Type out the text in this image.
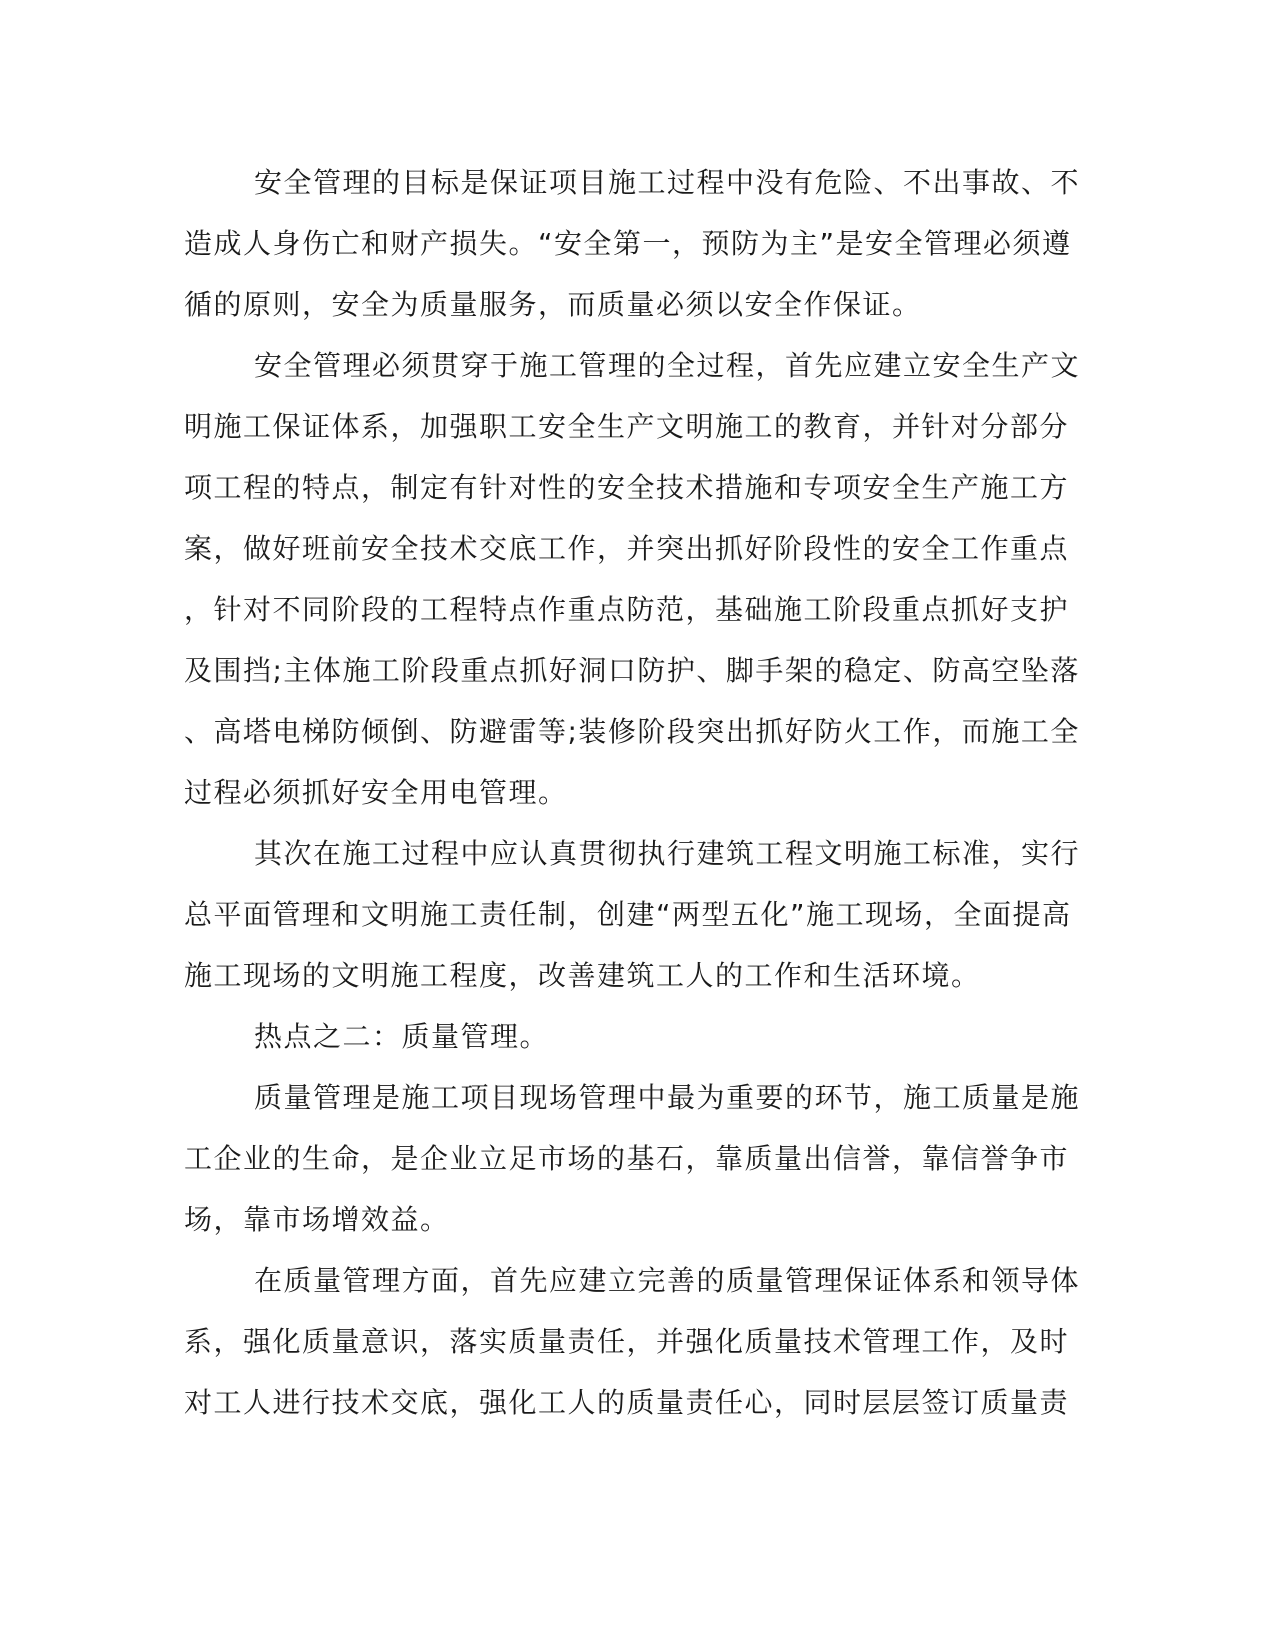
安全管理的目标是保证项目施工过程中没有危险、不出事故、不
造成人身伤亡和财产损失。“安全第一，预防为主”是安全管理必须遵
循的原则，安全为质量服务，而质量必须以安全作保证。
安全管理必须贯穿于施工管理的全过程，首先应建立安全生产文
明施工保证体系，加强职工安全生产文明施工的教育，并针对分部分
项工程的特点，制定有针对性的安全技术措施和专项安全生产施工方
案，做好班前安全技术交底工作，并突出抓好阶段性的安全工作重点
，针对不同阶段的工程特点作重点防范，基础施工阶段重点抓好支护
及围挡;主体施工阶段重点抓好洞口防护、脚手架的稳定、防高空坠落
、高塔电梯防倾倒、防避雷等;装修阶段突出抓好防火工作，而施工全
过程必须抓好安全用电管理。
其次在施工过程中应认真贯彻执行建筑工程文明施工标准，实行
总平面管理和文明施工责任制，创建“两型五化”施工现场，全面提高
施工现场的文明施工程度，改善建筑工人的工作和生活环境。
热点之二：质量管理。
质量管理是施工项目现场管理中最为重要的环节，施工质量是施
工企业的生命，是企业立足市场的基石，靠质量出信誉，靠信誉争市
场，靠市场增效益。
在质量管理方面，首先应建立完善的质量管理保证体系和领导体
系，强化质量意识，落实质量责任，并强化质量技术管理工作，及时
对工人进行技术交底，强化工人的质量责任心，同时层层签订质量责
